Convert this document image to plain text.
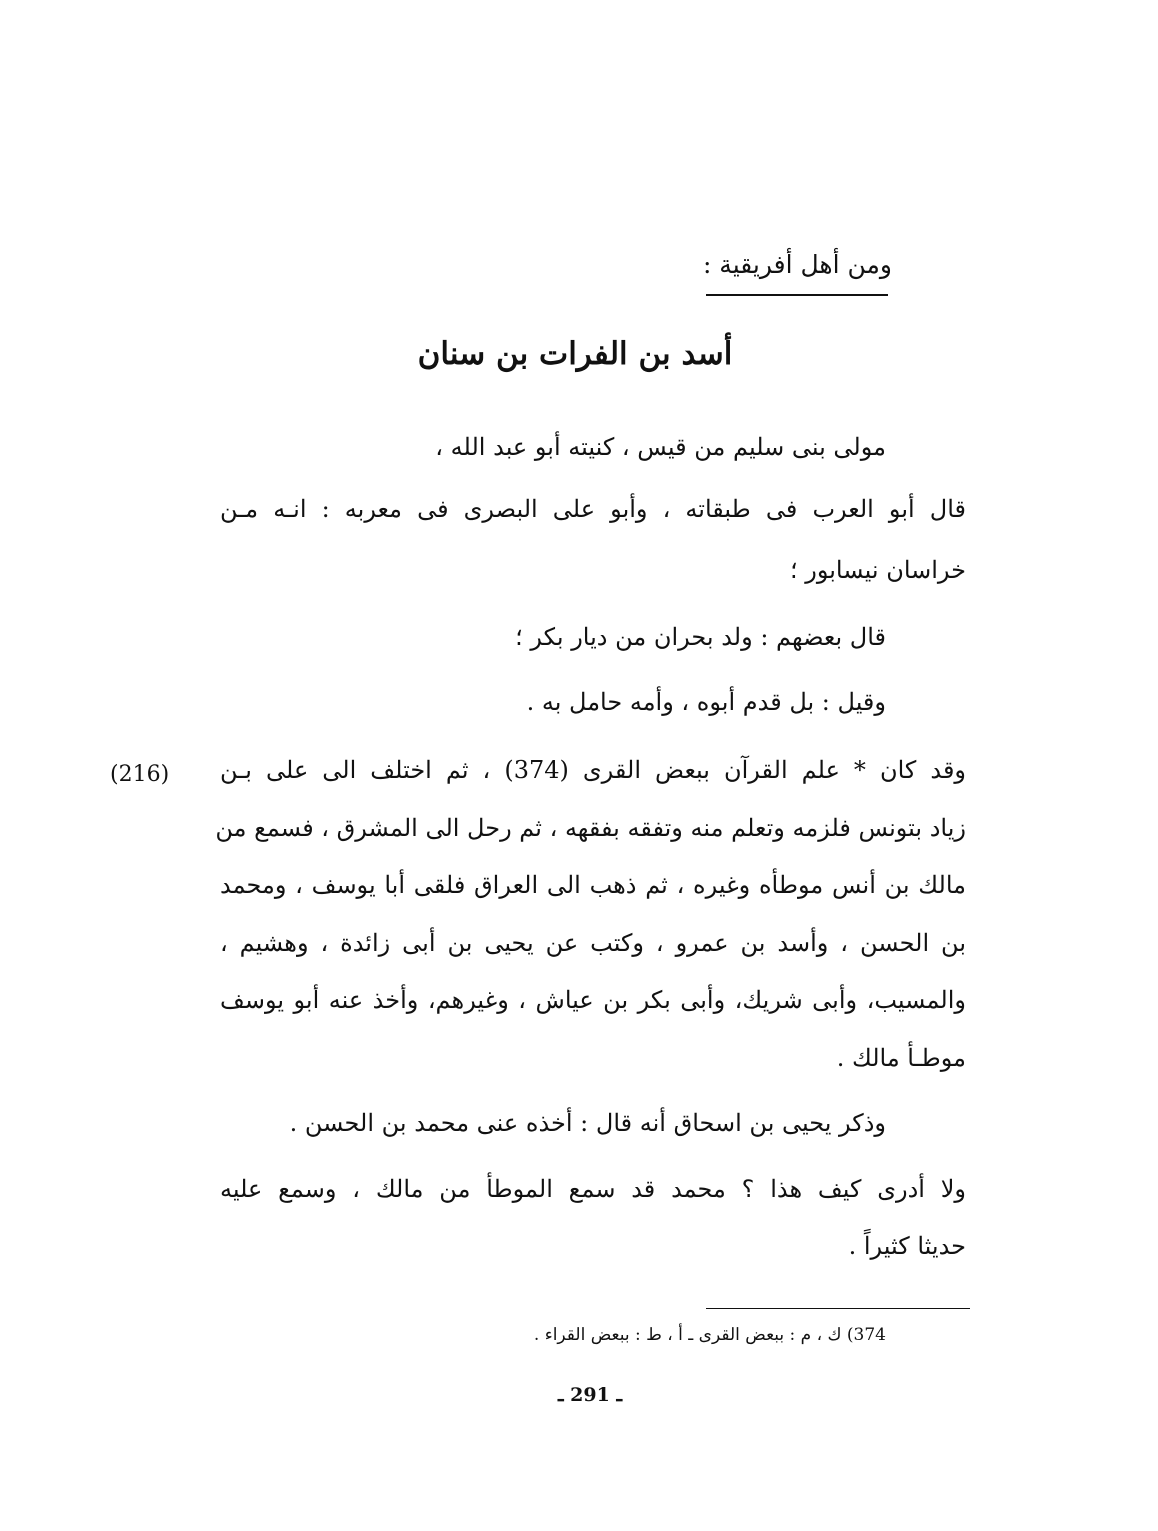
ومن أهل أفريقية :
أسد بن الفرات بن سنان
مولى بنى سليم من قيس ، كنيته أبو عبد الله ،
قال أبو العرب فى طبقاته ، وأبو على البصرى فى معربه : انـه مـن
خراسان نيسابور ؛
قال بعضهم : ولد بحران من ديار بكر ؛
وقيل : بل قدم أبوه ، وأمه حامل به .
(216) وقد كان * علم القرآن ببعض القرى (374) ، ثم اختلف الى على بـن
زياد بتونس فلزمه وتعلم منه وتفقه بفقهه ، ثم رحل الى المشرق ، فسمع من
مالك بن أنس موطأه وغيره ، ثم ذهب الى العراق فلقى أبا يوسف ، ومحمد
بن الحسن ، وأسد بن عمرو ، وكتب عن يحيى بن أبى زائدة ، وهشيم ،
والمسيب، وأبى شريك، وأبى بكر بن عياش ، وغيرهم، وأخذ عنه أبو يوسف
موطـأ مالك .
وذكر يحيى بن اسحاق أنه قال : أخذه عنى محمد بن الحسن .
ولا أدرى كيف هذا ؟ محمد قد سمع الموطأ من مالك ، وسمع عليه
حديثا كثيراً .
374) ك ، م : ببعض القرى ـ أ ، ط : ببعض القراء .
ـ 291 ـ
